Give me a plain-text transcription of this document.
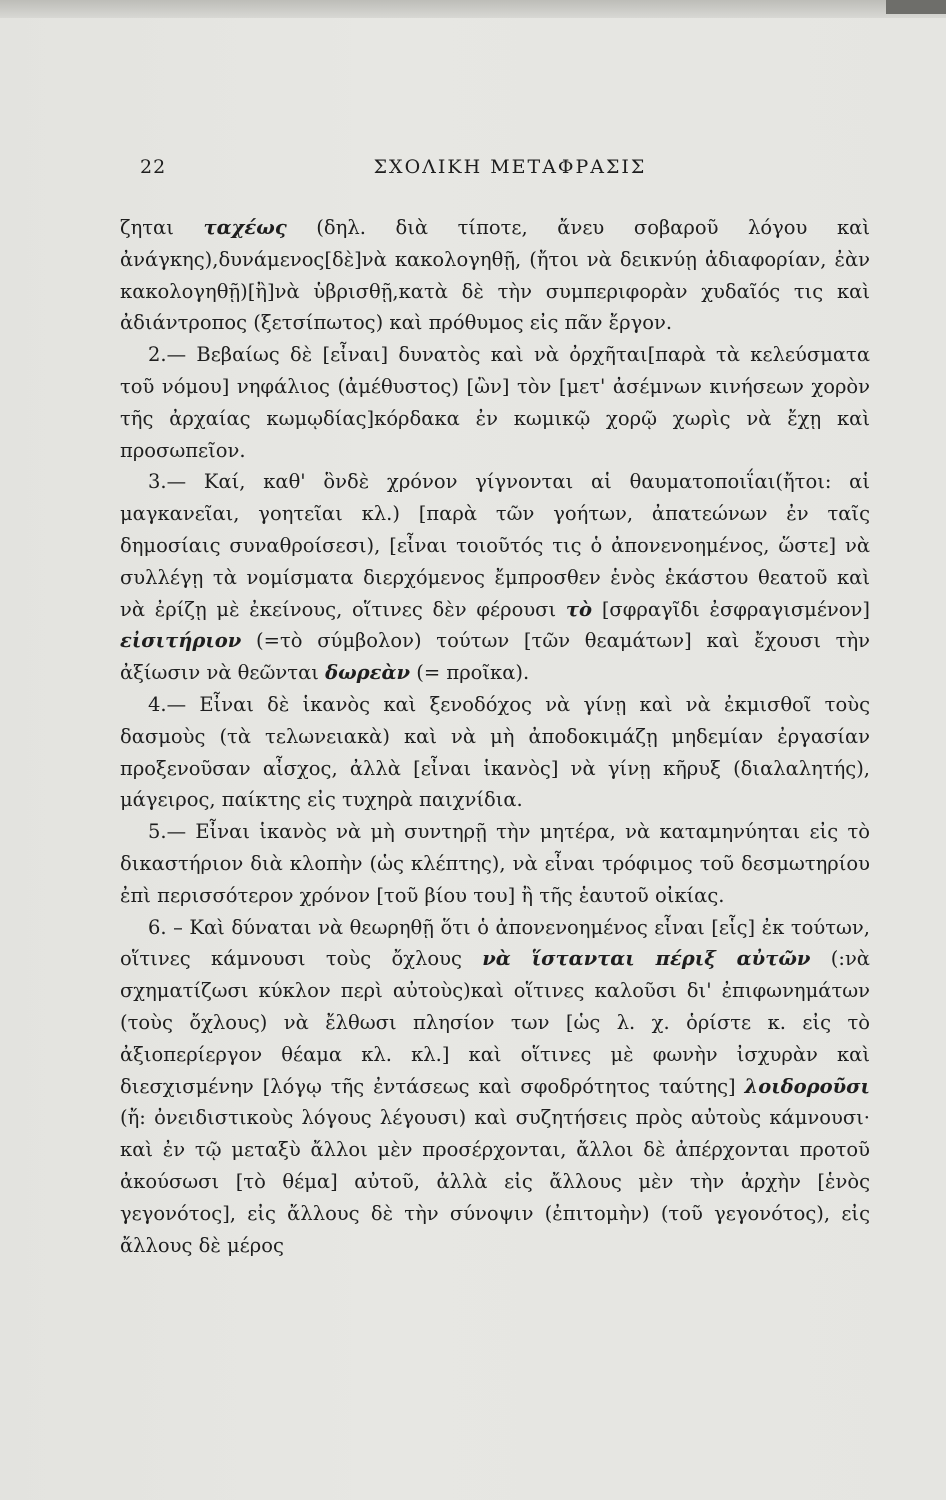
22	ΣΧΟΛΙΚΗ ΜΕΤΑΦΡΑΣΙΣ

ζηται ταχέως (δηλ. διὰ τίποτε, ἄνευ σοβαροῦ λόγου καὶ ἀνάγκης),δυνάμενος[δὲ]νὰ κακολογηθῇ, (ἤτοι νὰ δεικνύῃ ἀδιαφορίαν, ἐὰν κακολογηθῇ)[ἢ]νὰ ὑβρισθῇ,κατὰ δὲ τὴν συμπεριφορὰν χυδαῖός τις καὶ ἀδιάντροπος (ξετσίπωτος) καὶ πρόθυμος εἰς πᾶν ἔργον.

2.— Βεβαίως δὲ [εἶναι] δυνατὸς καὶ νὰ ὀρχῆται[παρὰ τὰ κελεύσματα τοῦ νόμου] νηφάλιος (ἀμέθυστος) [ὢν] τὸν [μετ' ἀσέμνων κινήσεων χορὸν τῆς ἀρχαίας κωμῳδίας]κόρδακα ἐν κωμικῷ χορῷ χωρὶς νὰ ἔχῃ καὶ προσωπεῖον.

3.— Καί, καθ' ὃνδὲ χρόνον γίγνονται αἱ θαυματοποιΐαι(ἤτοι: αἱ μαγκανεῖαι, γοητεῖαι κλ.) [παρὰ τῶν γοήτων, ἀπατεώνων ἐν ταῖς δημοσίαις συναθροίσεσι), [εἶναι τοιοῦτός τις ὁ ἀπονενοημένος, ὥστε] νὰ συλλέγῃ τὰ νομίσματα διερχόμενος ἔμπροσθεν ἑνὸς ἑκάστου θεατοῦ καὶ νὰ ἐρίζῃ μὲ ἐκείνους, οἵτινες δὲν φέρουσι τὸ [σφραγῖδι ἐσφραγισμένον] εἰσιτήριον (=τὸ σύμβολον) τούτων [τῶν θεαμάτων] καὶ ἔχουσι τὴν ἀξίωσιν νὰ θεῶνται δωρεὰν (= προῖκα).

4.— Εἶναι δὲ ἱκανὸς καὶ ξενοδόχος νὰ γίνῃ καὶ νὰ ἐκμισθοῖ τοὺς δασμοὺς (τὰ τελωνειακὰ) καὶ νὰ μὴ ἀποδοκιμάζῃ μηδεμίαν ἐργασίαν προξενοῦσαν αἶσχος, ἀλλὰ [εἶναι ἱκανὸς] νὰ γίνῃ κῆρυξ (διαλαλητής), μάγειρος, παίκτης εἰς τυχηρὰ παιχνίδια.

5.— Εἶναι ἱκανὸς νὰ μὴ συντηρῇ τὴν μητέρα, νὰ καταμηνύηται εἰς τὸ δικαστήριον διὰ κλοπὴν (ὡς κλέπτης), νὰ εἶναι τρόφιμος τοῦ δεσμωτηρίου ἐπὶ περισσότερον χρόνον [τοῦ βίου του] ἢ τῆς ἑαυτοῦ οἰκίας.

6. – Καὶ δύναται νὰ θεωρηθῇ ὅτι ὁ ἀπονενοημένος εἶναι [εἷς] ἐκ τούτων, οἵτινες κάμνουσι τοὺς ὄχλους νὰ ἵστανται πέριξ αὐτῶν (:νὰ σχηματίζωσι κύκλον περὶ αὐτοὺς)καὶ οἵτινες καλοῦσι δι' ἐπιφωνημάτων (τοὺς ὄχλους) νὰ ἔλθωσι πλησίον των [ὡς λ. χ. ὁρίστε κ. εἰς τὸ ἀξιοπερίεργον θέαμα κλ. κλ.] καὶ οἵτινες μὲ φωνὴν ἰσχυρὰν καὶ διεσχισμένην [λόγῳ τῆς ἐντάσεως καὶ σφοδρότητος ταύτης] λοιδοροῦσι (ἤ: ὀνειδιστικοὺς λόγους λέγουσι) καὶ συζητήσεις πρὸς αὐτοὺς κάμνουσι· καὶ ἐν τῷ μεταξὺ ἄλλοι μὲν προσέρχονται, ἄλλοι δὲ ἀπέρχονται προτοῦ ἀκούσωσι [τὸ θέμα] αὐτοῦ, ἀλλὰ εἰς ἄλλους μὲν τὴν ἀρχὴν [ἑνὸς γεγονότος], εἰς ἄλλους δὲ τὴν σύνοψιν (ἐπιτομὴν) (τοῦ γεγονότος), εἰς ἄλλους δὲ μέρος
